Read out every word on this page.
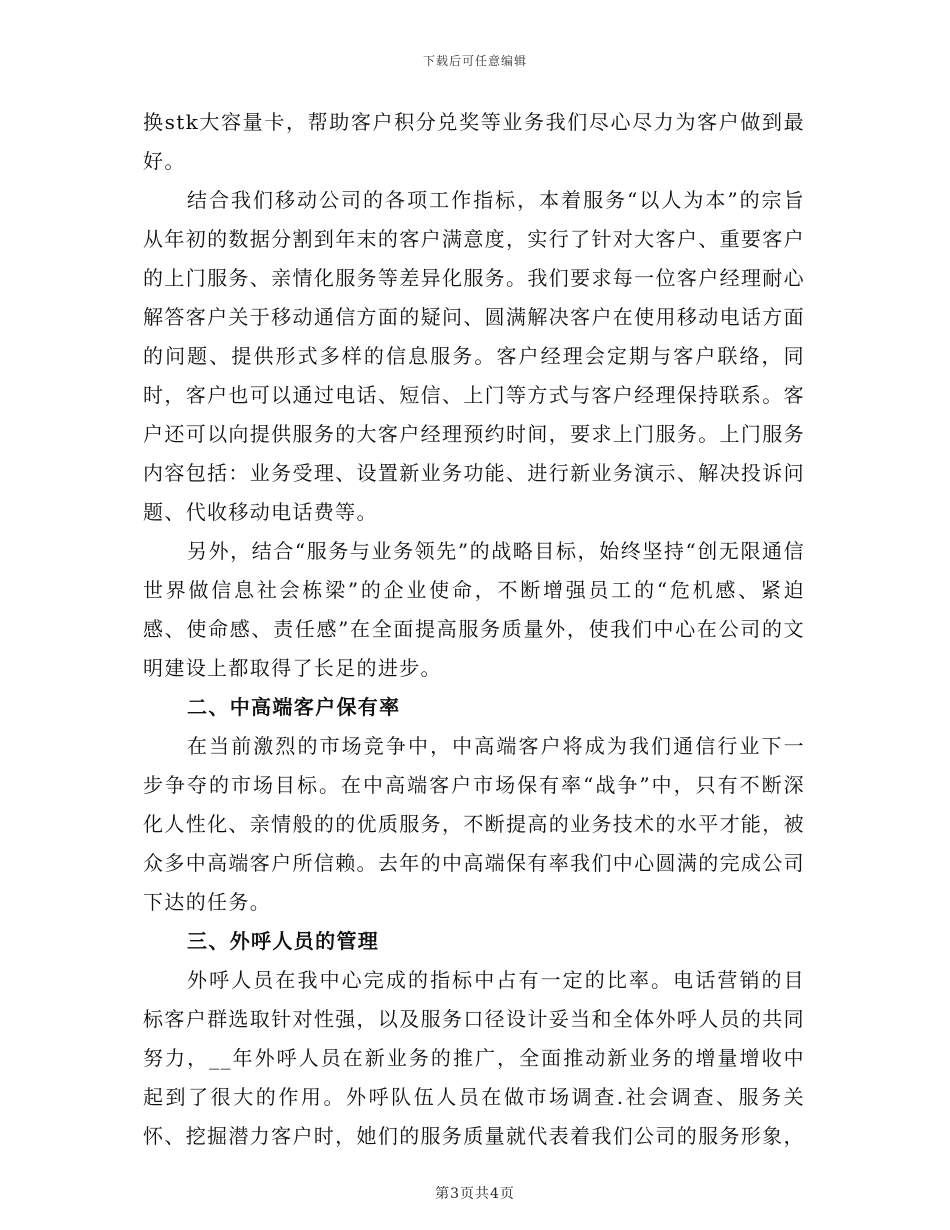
下载后可任意编辑

换stk大容量卡，帮助客户积分兑奖等业务我们尽心尽力为客户做到最好。

结合我们移动公司的各项工作指标，本着服务“以人为本”的宗旨从年初的数据分割到年末的客户满意度，实行了针对大客户、重要客户的上门服务、亲情化服务等差异化服务。我们要求每一位客户经理耐心解答客户关于移动通信方面的疑问、圆满解决客户在使用移动电话方面的问题、提供形式多样的信息服务。客户经理会定期与客户联络，同时，客户也可以通过电话、短信、上门等方式与客户经理保持联系。客户还可以向提供服务的大客户经理预约时间，要求上门服务。上门服务内容包括：业务受理、设置新业务功能、进行新业务演示、解决投诉问题、代收移动电话费等。

另外，结合“服务与业务领先”的战略目标，始终坚持“创无限通信世界做信息社会栋梁”的企业使命，不断增强员工的“危机感、紧迫感、使命感、责任感”在全面提高服务质量外，使我们中心在公司的文明建设上都取得了长足的进步。

二、中高端客户保有率

在当前激烈的市场竞争中，中高端客户将成为我们通信行业下一步争夺的市场目标。在中高端客户市场保有率“战争”中，只有不断深化人性化、亲情般的的优质服务，不断提高的业务技术的水平才能，被众多中高端客户所信赖。去年的中高端保有率我们中心圆满的完成公司下达的任务。

三、外呼人员的管理

外呼人员在我中心完成的指标中占有一定的比率。电话营销的目标客户群选取针对性强，以及服务口径设计妥当和全体外呼人员的共同努力，__年外呼人员在新业务的推广，全面推动新业务的增量增收中起到了很大的作用。外呼队伍人员在做市场调查.社会调查、服务关怀、挖掘潜力客户时，她们的服务质量就代表着我们公司的服务形象，

第3页共4页
